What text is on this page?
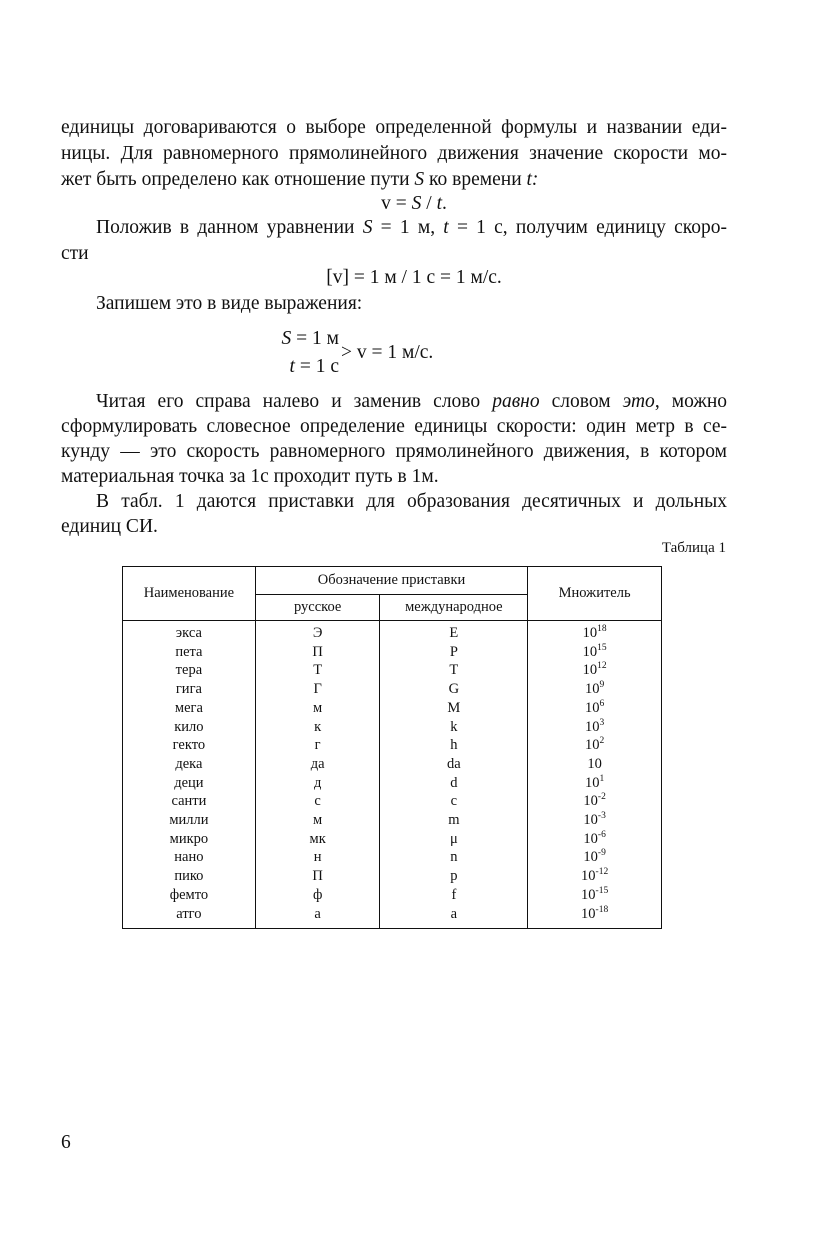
единицы договариваются о выборе определенной формулы и названии еди-
ницы. Для равномерного прямолинейного движения значение скорости мо-
жет быть определено как отношение пути S ко времени t:
v = S / t.
Положив в данном уравнении S = 1 м, t = 1 с, получим единицу скоро-
сти
[v] = 1 м / 1 с = 1 м/с.
Запишем это в виде выражения:
S = 1 м
t = 1 с
> v = 1 м/с.
Читая его справа налево и заменив слово равно словом это, можно
сформулировать словесное определение единицы скорости: один метр в се-
кунду — это скорость равномерного прямолинейного движения, в котором
материальная точка за 1с проходит путь в 1м.
В табл. 1 даются приставки для образования десятичных и дольных
единиц СИ.
Таблица 1
Наименование	Обозначение приставки		Множитель
	русское	международное	
экса	Э	E	$10^{18}$
пета	П	P	$10^{15}$
тера	Т	T	$10^{12}$
гига	Г	G	$10^9$
мега	м	M	$10^6$
кило	к	k	$10^3$
гекто	г	h	$10^2$
дека	да	da	10
деци	д	d	$10^1$
санти	с	c	$10^{-2}$
милли	м	m	$10^{-3}$
микро	мк	μ	$10^{-6}$
нано	н	n	$10^{-9}$
пико	П	p	$10^{-12}$
фемто	ф	f	$10^{-15}$
атго	а	a	$10^{-18}$
6
